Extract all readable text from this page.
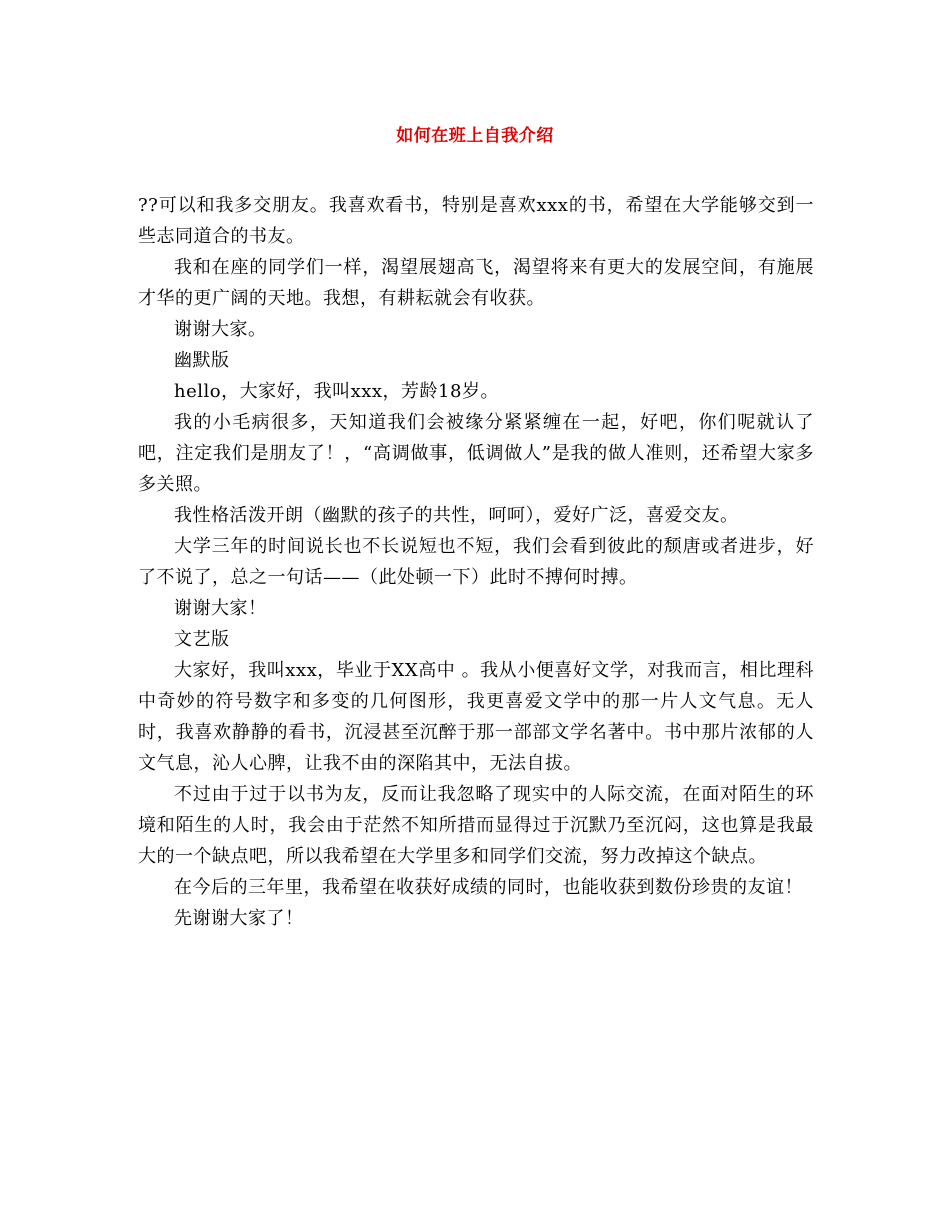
如何在班上自我介绍

??可以和我多交朋友。我喜欢看书，特别是喜欢xxx的书，希望在大学能够交到一些志同道合的书友。

我和在座的同学们一样，渴望展翅高飞，渴望将来有更大的发展空间，有施展才华的更广阔的天地。我想，有耕耘就会有收获。

谢谢大家。

幽默版

hello，大家好，我叫xxx，芳龄18岁。

我的小毛病很多，天知道我们会被缘分紧紧缠在一起，好吧，你们呢就认了吧，注定我们是朋友了！，“高调做事，低调做人”是我的做人准则，还希望大家多多关照。

我性格活泼开朗（幽默的孩子的共性，呵呵），爱好广泛，喜爱交友。

大学三年的时间说长也不长说短也不短，我们会看到彼此的颓唐或者进步，好了不说了，总之一句话——（此处顿一下）此时不搏何时搏。

谢谢大家！

文艺版

大家好，我叫xxx，毕业于XX高中 。我从小便喜好文学，对我而言，相比理科中奇妙的符号数字和多变的几何图形，我更喜爱文学中的那一片人文气息。无人时，我喜欢静静的看书，沉浸甚至沉醉于那一部部文学名著中。书中那片浓郁的人文气息，沁人心脾，让我不由的深陷其中，无法自拔。

不过由于过于以书为友，反而让我忽略了现实中的人际交流，在面对陌生的环境和陌生的人时，我会由于茫然不知所措而显得过于沉默乃至沉闷，这也算是我最大的一个缺点吧，所以我希望在大学里多和同学们交流，努力改掉这个缺点。

在今后的三年里，我希望在收获好成绩的同时，也能收获到数份珍贵的友谊！

先谢谢大家了！
